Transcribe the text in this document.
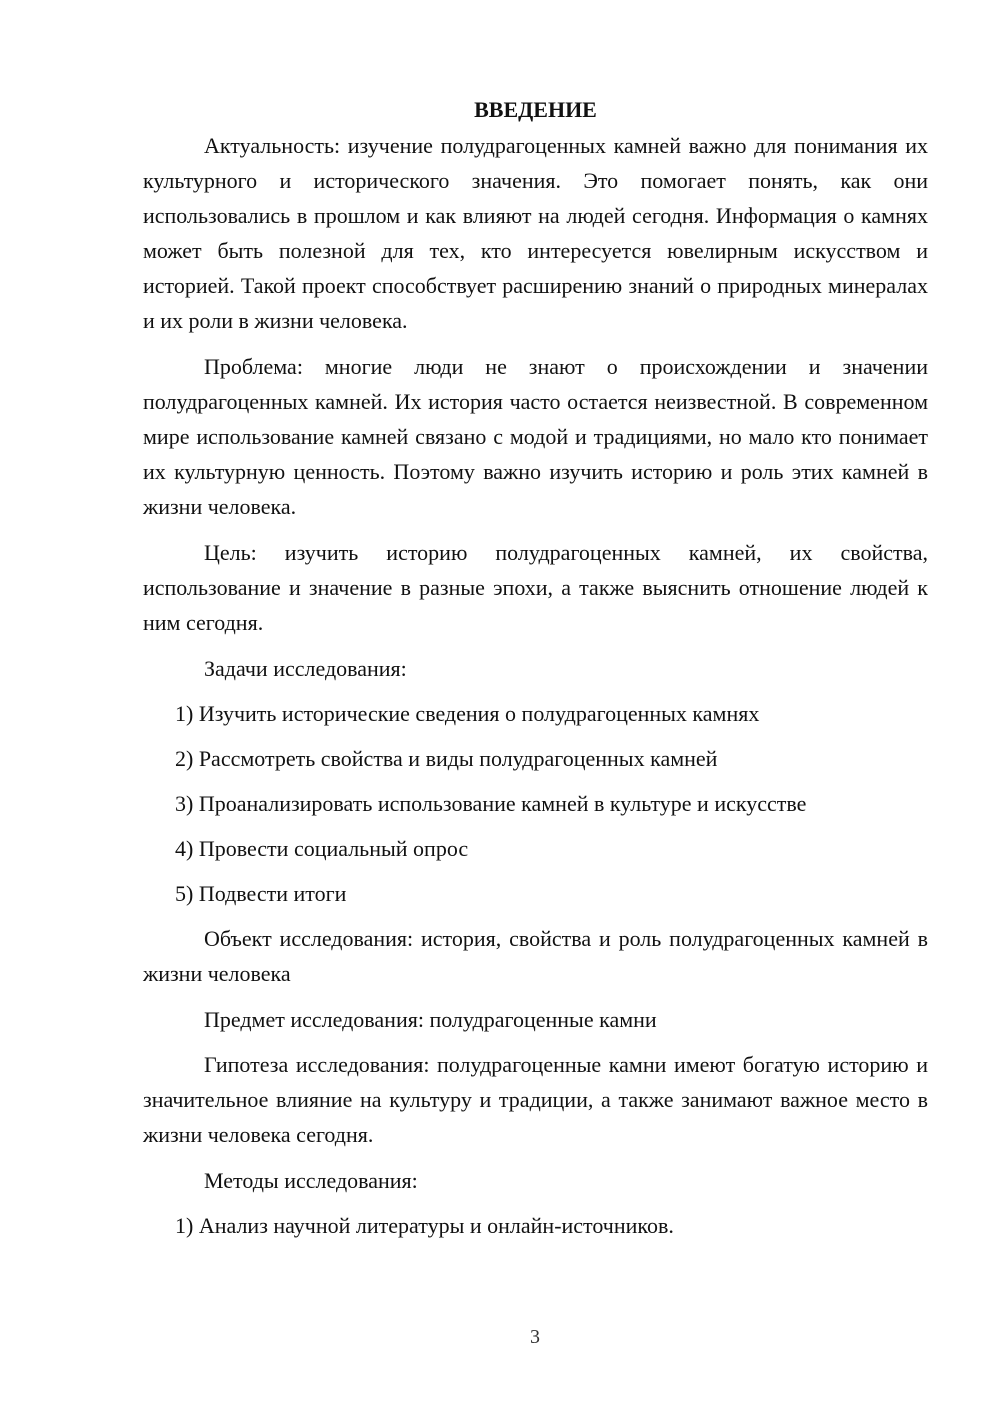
ВВЕДЕНИЕ

Актуальность: изучение полудрагоценных камней важно для понимания их культурного и исторического значения. Это помогает понять, как они использовались в прошлом и как влияют на людей сегодня. Информация о камнях может быть полезной для тех, кто интересуется ювелирным искусством и историей. Такой проект способствует расширению знаний о природных минералах и их роли в жизни человека.

Проблема: многие люди не знают о происхождении и значении полудрагоценных камней. Их история часто остается неизвестной. В современном мире использование камней связано с модой и традициями, но мало кто понимает их культурную ценность. Поэтому важно изучить историю и роль этих камней в жизни человека.

Цель: изучить историю полудрагоценных камней, их свойства, использование и значение в разные эпохи, а также выяснить отношение людей к ним сегодня.

Задачи исследования:

1) Изучить исторические сведения о полудрагоценных камнях

2) Рассмотреть свойства и виды полудрагоценных камней

3) Проанализировать использование камней в культуре и искусстве

4) Провести социальный опрос

5) Подвести итоги

Объект исследования: история, свойства и роль полудрагоценных камней в жизни человека

Предмет исследования: полудрагоценные камни

Гипотеза исследования: полудрагоценные камни имеют богатую историю и значительное влияние на культуру и традиции, а также занимают важное место в жизни человека сегодня.

Методы исследования:

1) Анализ научной литературы и онлайн-источников.

3
